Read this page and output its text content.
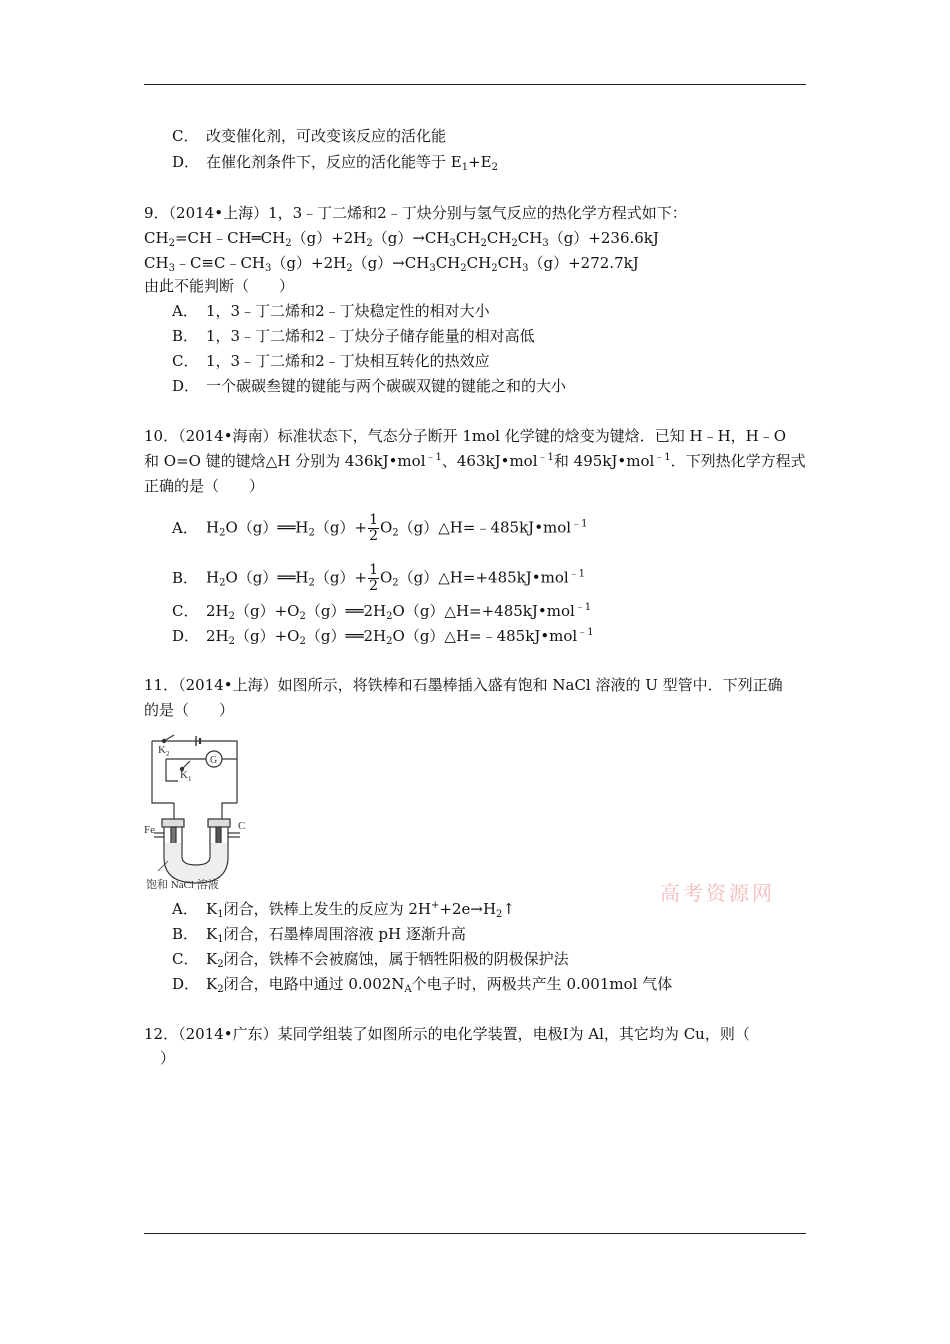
C． 改变催化剂，可改变该反应的活化能
D． 在催化剂条件下，反应的活化能等于 $E_1+E_2$
9．（2014•上海）1，3﹣丁二烯和2﹣丁炔分别与氢气反应的热化学方程式如下：
$CH_2=CH﹣CH═CH_2(g)+2H_2(g)\to CH_3CH_2CH_2CH_3(g)+236.6kJ$
$CH_3﹣C\equiv C﹣CH_3(g)+2H_2(g)\to CH_3CH_2CH_2CH_3(g)+272.7kJ$
由此不能判断（　　）
A． 1，3﹣丁二烯和2﹣丁炔稳定性的相对大小
B． 1，3﹣丁二烯和2﹣丁炔分子储存能量的相对高低
C． 1，3﹣丁二烯和2﹣丁炔相互转化的热效应
D． 一个碳碳叁键的键能与两个碳碳双键的键能之和的大小
10．（2014•海南）标准状态下，气态分子断开 1mol 化学键的焓变为键焓．已知 H﹣H，H﹣O
和 O=O 键的键焓△H 分别为 436kJ•mol$^{﹣1}$、463kJ•mol$^{﹣1}$和 495kJ•mol$^{﹣1}$．下列热化学方程式
正确的是（　　）
A． $H_2O(g)══H_2(g)+ \frac{1}{2}$ $O_2(g)\triangle H=﹣485kJ•mol^{﹣1}$
B． $H_2O(g)══H_2(g)+ \frac{1}{2}$ $O_2(g)\triangle H=+485kJ•mol^{﹣1}$
C． $2H_2(g)+O_2(g)══2H_2O(g)\triangle H=+485kJ•mol^{﹣1}$
D． $2H_2(g)+O_2(g)══2H_2O(g)\triangle H=﹣485kJ•mol^{﹣1}$
11．（2014•上海）如图所示，将铁棒和石墨棒插入盛有饱和 NaCl 溶液的 U 型管中．下列正确
的是（　　）
$K_2$
G
$K_1$
Fe	C
饱和 NaCl 溶液	高考资源网
A． $K_1$闭合，铁棒上发生的反应为 $2H^++2e\to H_2↑$
B． $K_1$闭合，石墨棒周围溶液 pH 逐渐升高
C． $K_2$闭合，铁棒不会被腐蚀，属于牺牲阳极的阴极保护法
D． $K_2$闭合，电路中通过 $0.002N_A$个电子时，两极共产生 0.001mol 气体
12．（2014•广东）某同学组装了如图所示的电化学装置，电极Ⅰ为 Al，其它均为 Cu，则（
）
